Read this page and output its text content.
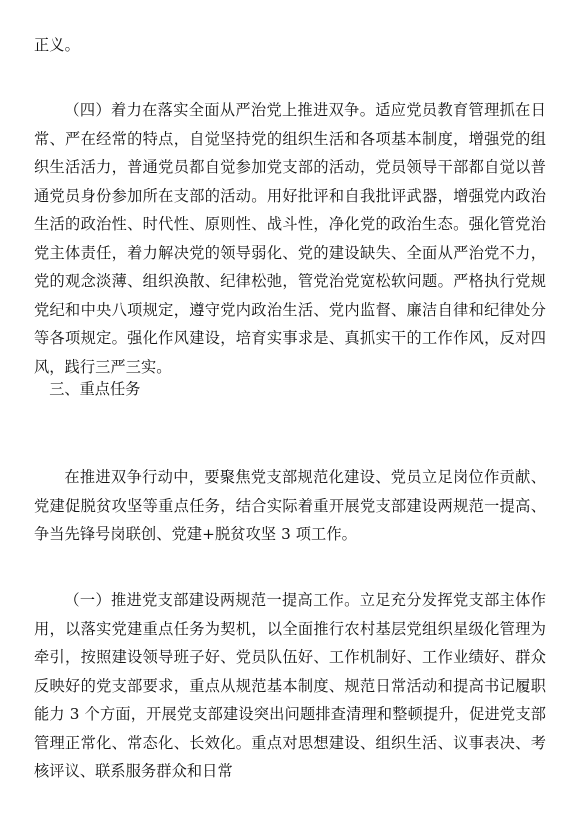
正义。

（四）着力在落实全面从严治党上推进双争。适应党员教育管理抓在日常、严在经常的特点，自觉坚持党的组织生活和各项基本制度，增强党的组织生活活力，普通党员都自觉参加党支部的活动，党员领导干部都自觉以普通党员身份参加所在支部的活动。用好批评和自我批评武器，增强党内政治生活的政治性、时代性、原则性、战斗性，净化党的政治生态。强化管党治党主体责任，着力解决党的领导弱化、党的建设缺失、全面从严治党不力，党的观念淡薄、组织涣散、纪律松弛，管党治党宽松软问题。严格执行党规党纪和中央八项规定，遵守党内政治生活、党内监督、廉洁自律和纪律处分等各项规定。强化作风建设，培育实事求是、真抓实干的工作作风，反对四风，践行三严三实。

三、重点任务

在推进双争行动中，要聚焦党支部规范化建设、党员立足岗位作贡献、党建促脱贫攻坚等重点任务，结合实际着重开展党支部建设两规范一提高、争当先锋号岗联创、党建+脱贫攻坚 3 项工作。

（一）推进党支部建设两规范一提高工作。立足充分发挥党支部主体作用，以落实党建重点任务为契机，以全面推行农村基层党组织星级化管理为牵引，按照建设领导班子好、党员队伍好、工作机制好、工作业绩好、群众反映好的党支部要求，重点从规范基本制度、规范日常活动和提高书记履职能力 3 个方面，开展党支部建设突出问题排查清理和整顿提升，促进党支部管理正常化、常态化、长效化。重点对思想建设、组织生活、议事表决、考核评议、联系服务群众和日常
